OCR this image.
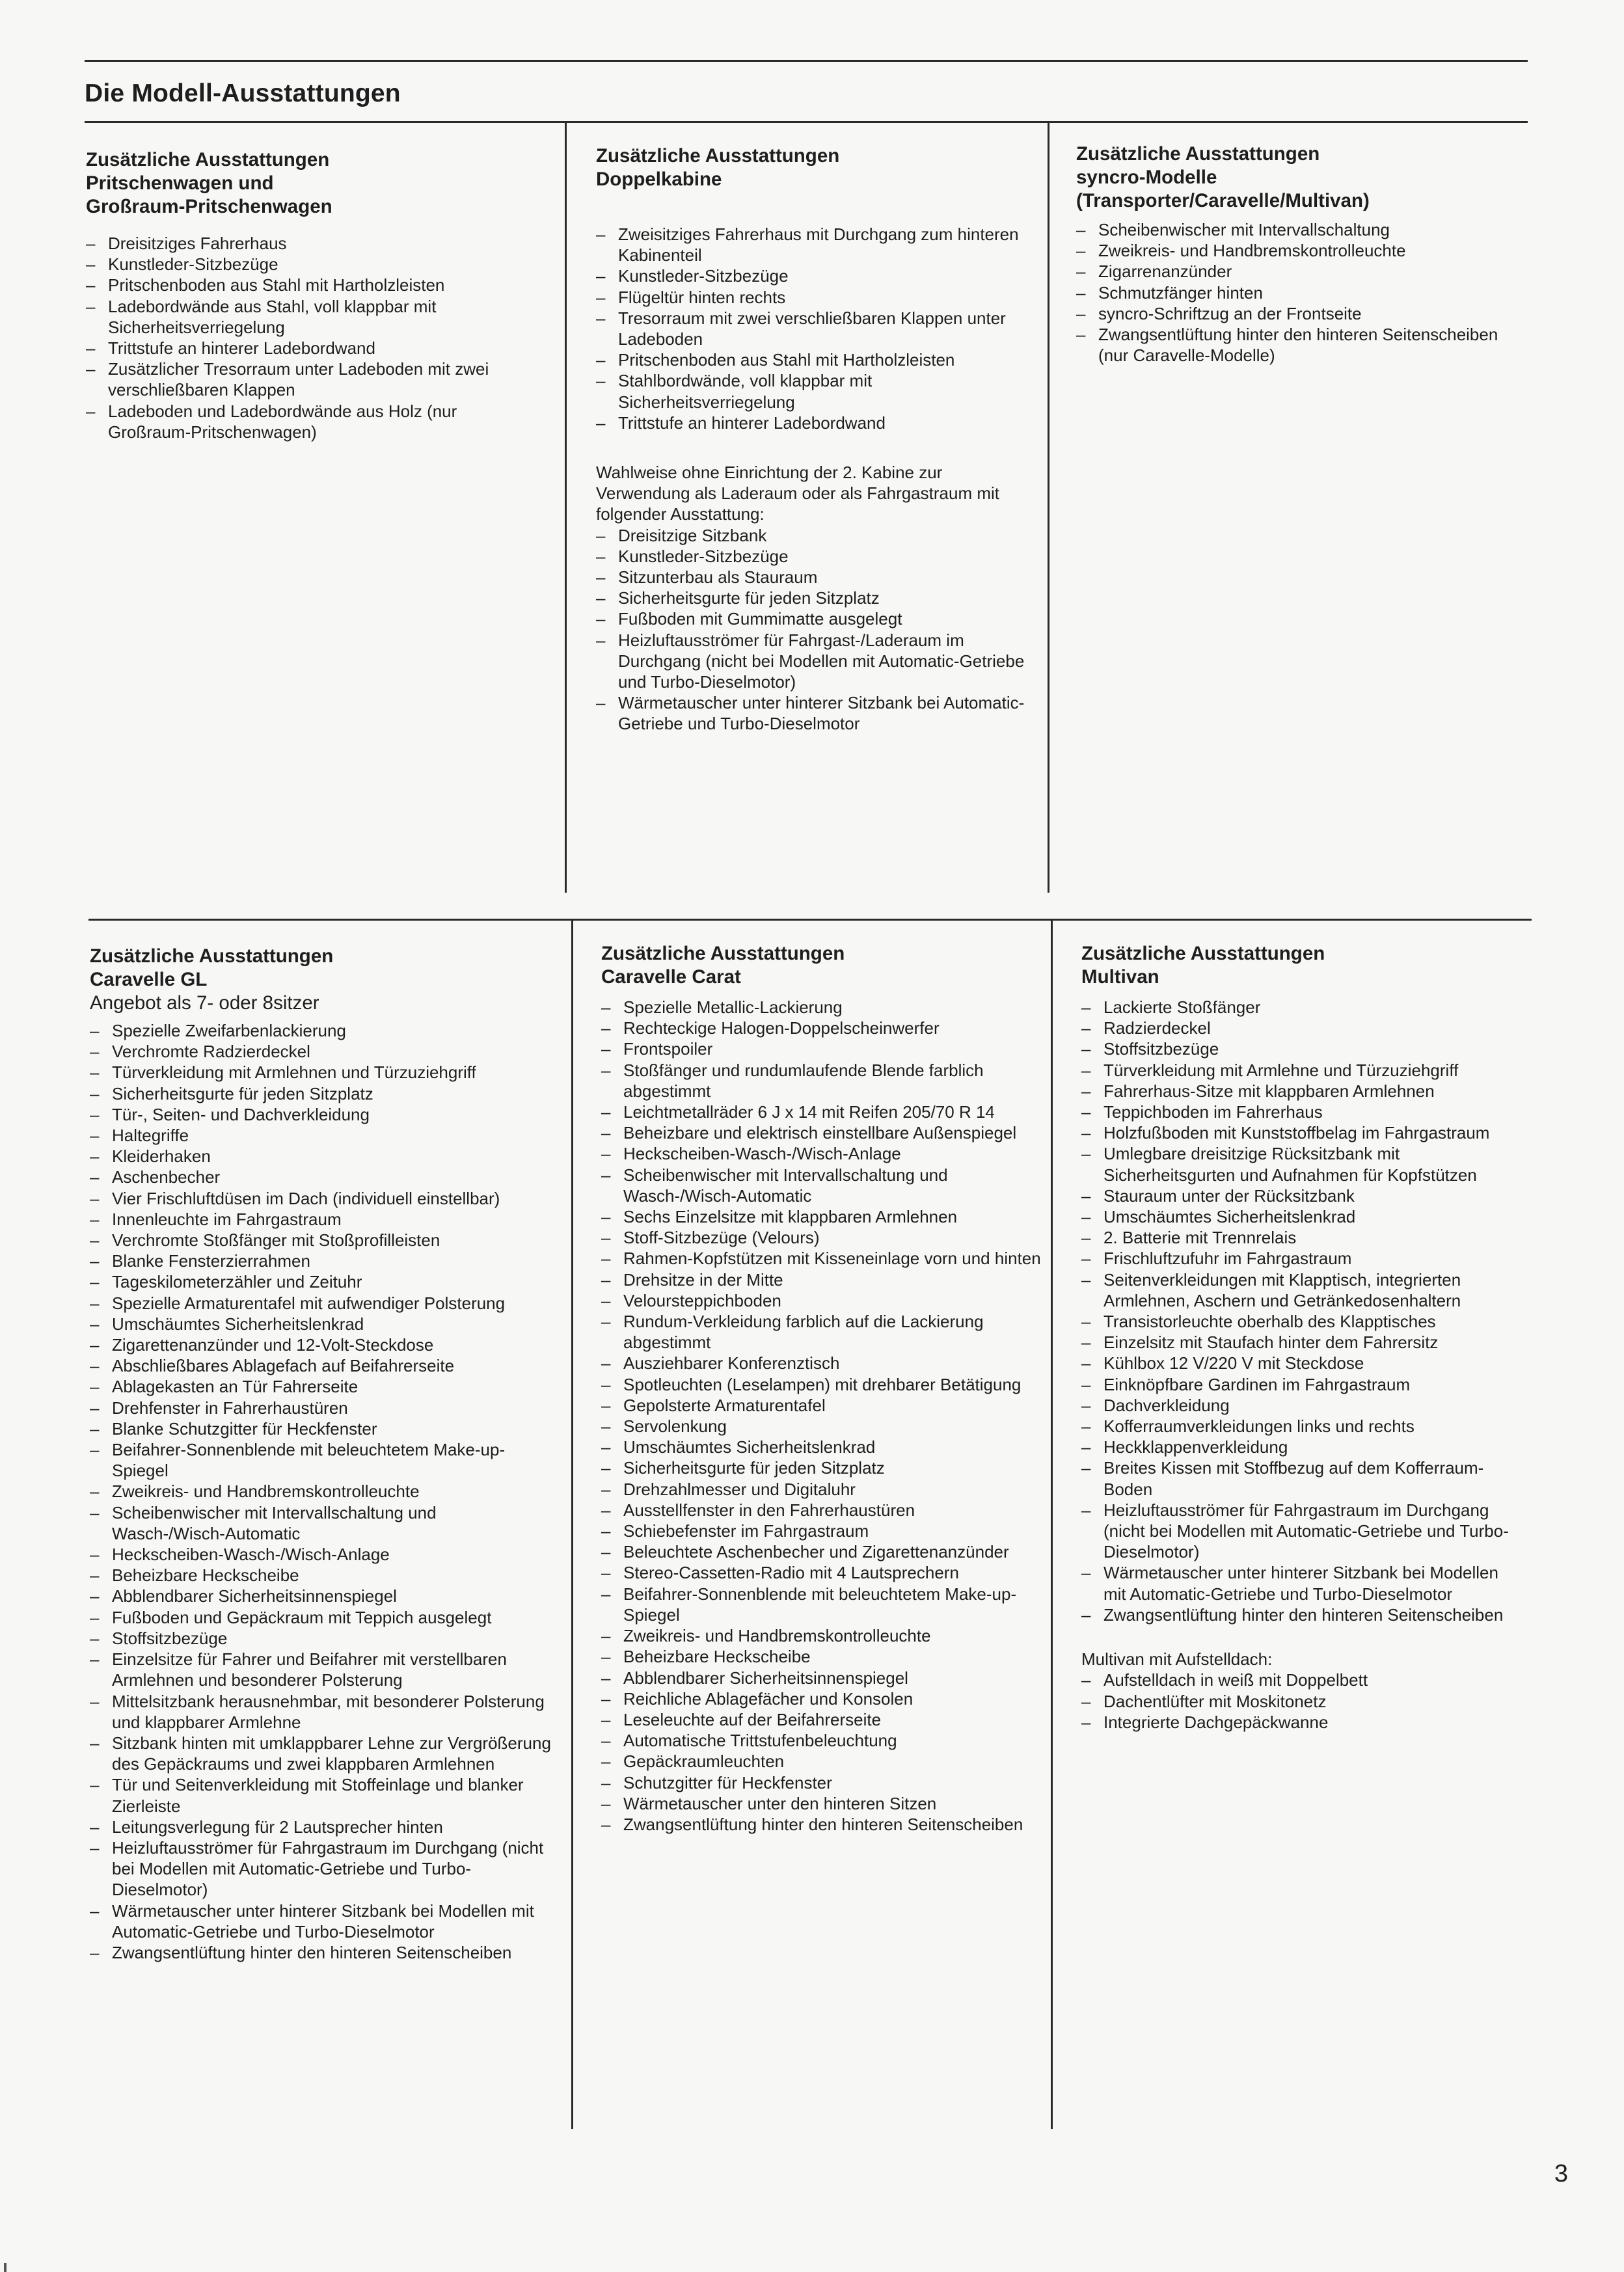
Die Modell-Ausstattungen
Zusätzliche Ausstattungen
Pritschenwagen und
Großraum-Pritschenwagen
– Dreisitziges Fahrerhaus
– Kunstleder-Sitzbezüge
– Pritschenboden aus Stahl mit Hartholzleisten
– Ladebordwände aus Stahl, voll klappbar mit Sicherheitsverriegelung
– Trittstufe an hinterer Ladebordwand
– Zusätzlicher Tresorraum unter Ladeboden mit zwei verschließbaren Klappen
– Ladeboden und Ladebordwände aus Holz (nur Großraum-Pritschenwagen)
Zusätzliche Ausstattungen
Doppelkabine
– Zweisitziges Fahrerhaus mit Durchgang zum hinteren Kabinenteil
– Kunstleder-Sitzbezüge
– Flügeltür hinten rechts
– Tresorraum mit zwei verschließbaren Klappen unter Ladeboden
– Pritschenboden aus Stahl mit Hartholzleisten
– Stahlbordwände, voll klappbar mit Sicherheitsverriegelung
– Trittstufe an hinterer Ladebordwand

Wahlweise ohne Einrichtung der 2. Kabine zur Verwendung als Laderaum oder als Fahrgastraum mit folgender Ausstattung:

– Dreisitzige Sitzbank
– Kunstleder-Sitzbezüge
– Sitzunterbau als Stauraum
– Sicherheitsgurte für jeden Sitzplatz
– Fußboden mit Gummimatte ausgelegt
– Heizluftausströmer für Fahrgast-/Laderaum im Durchgang (nicht bei Modellen mit Automatic-Getriebe und Turbo-Dieselmotor)
– Wärmetauscher unter hinterer Sitzbank bei Automatic-Getriebe und Turbo-Dieselmotor
Zusätzliche Ausstattungen
syncro-Modelle
(Transporter/Caravelle/Multivan)
– Scheibenwischer mit Intervallschaltung
– Zweikreis- und Handbremskontrolleuchte
– Zigarrenanzünder
– Schmutzfänger hinten
– syncro-Schriftzug an der Frontseite
– Zwangsentlüftung hinter den hinteren Seitenscheiben (nur Caravelle-Modelle)
Zusätzliche Ausstattungen
Caravelle GL

Angebot als 7- oder 8sitzer

– Spezielle Zweifarbenlackierung
– Verchromte Radzierdeckel
– Türverkleidung mit Armlehnen und Türzuziehgriff
– Sicherheitsgurte für jeden Sitzplatz
– Tür-, Seiten- und Dachverkleidung
– Haltegriffe
– Kleiderhaken
– Aschenbecher
– Vier Frischluftdüsen im Dach (individuell einstellbar)
– Innenleuchte im Fahrgastraum
– Verchromte Stoßfänger mit Stoßprofilleisten
– Blanke Fensterzierrahmen
– Tageskilometerzähler und Zeituhr
– Spezielle Armaturentafel mit aufwendiger Polsterung
– Umschäumtes Sicherheitslenkrad
– Zigarettenanzünder und 12-Volt-Steckdose
– Abschließbares Ablagefach auf Beifahrerseite
– Ablagekasten an Tür Fahrerseite
– Drehfenster in Fahrerhaustüren
– Blanke Schutzgitter für Heckfenster
– Beifahrer-Sonnenblende mit beleuchtetem Make-up-Spiegel
– Zweikreis- und Handbremskontrolleuchte
– Scheibenwischer mit Intervallschaltung und Wasch-/Wisch-Automatic
– Heckscheiben-Wasch-/Wisch-Anlage
– Beheizbare Heckscheibe
– Abblendbarer Sicherheitsinnenspiegel
– Fußboden und Gepäckraum mit Teppich ausgelegt
– Stoffsitzbezüge
– Einzelsitze für Fahrer und Beifahrer mit verstellbaren Armlehnen und besonderer Polsterung
– Mittelsitzbank herausnehmbar, mit besonderer Polsterung und klappbarer Armlehne
– Sitzbank hinten mit umklappbarer Lehne zur Vergrößerung des Gepäckraums und zwei klappbaren Armlehnen
– Tür und Seitenverkleidung mit Stoffeinlage und blanker Zierleiste
– Leitungsverlegung für 2 Lautsprecher hinten
– Heizluftausströmer für Fahrgastraum im Durchgang (nicht bei Modellen mit Automatic-Getriebe und Turbo-Dieselmotor)
– Wärmetauscher unter hinterer Sitzbank bei Modellen mit Automatic-Getriebe und Turbo-Dieselmotor
– Zwangsentlüftung hinter den hinteren Seitenscheiben
Zusätzliche Ausstattungen
Caravelle Carat
– Spezielle Metallic-Lackierung
– Rechteckige Halogen-Doppelscheinwerfer
– Frontspoiler
– Stoßfänger und rundumlaufende Blende farblich abgestimmt
– Leichtmetallräder 6 J x 14 mit Reifen 205/70 R 14
– Beheizbare und elektrisch einstellbare Außenspiegel
– Heckscheiben-Wasch-/Wisch-Anlage
– Scheibenwischer mit Intervallschaltung und Wasch-/Wisch-Automatic
– Sechs Einzelsitze mit klappbaren Armlehnen
– Stoff-Sitzbezüge (Velours)
– Rahmen-Kopfstützen mit Kisseneinlage vorn und hinten
– Drehsitze in der Mitte
– Velourstеppichboden
– Rundum-Verkleidung farblich auf die Lackierung abgestimmt
– Ausziehbarer Konferenztisch
– Spotleuchten (Leselampen) mit drehbarer Betätigung
– Gepolsterte Armaturentafel
– Servolenkung
– Umschäumtes Sicherheitslenkrad
– Sicherheitsgurte für jeden Sitzplatz
– Drehzahlmesser und Digitaluhr
– Ausstellfenster in den Fahrerhaustüren
– Schiebefenster im Fahrgastraum
– Beleuchtete Aschenbecher und Zigarettenanzünder
– Stereo-Cassetten-Radio mit 4 Lautsprechern
– Beifahrer-Sonnenblende mit beleuchtetem Make-up-Spiegel
– Zweikreis- und Handbremskontrolleuchte
– Beheizbare Heckscheibe
– Abblendbarer Sicherheitsinnenspiegel
– Reichliche Ablagefächer und Konsolen
– Leseleuchte auf der Beifahrerseite
– Automatische Trittstufenbeleuchtung
– Gepäckraumleuchten
– Schutzgitter für Heckfenster
– Wärmetauscher unter den hinteren Sitzen
– Zwangsentlüftung hinter den hinteren Seitenscheiben
Zusätzliche Ausstattungen
Multivan
– Lackierte Stoßfänger
– Radzierdeckel
– Stoffsitzbezüge
– Türverkleidung mit Armlehne und Türzuziehgriff
– Fahrerhaus-Sitze mit klappbaren Armlehnen
– Teppichboden im Fahrerhaus
– Holzfußboden mit Kunststoffbelag im Fahrgastraum
– Umlegbare dreisitzige Rücksitzbank mit Sicherheitsgurten und Aufnahmen für Kopfstützen
– Stauraum unter der Rücksitzbank
– Umschäumtes Sicherheitslenkrad
– 2. Batterie mit Trennrelais
– Frischluftzufuhr im Fahrgastraum
– Seitenverkleidungen mit Klapptisch, integrierten Armlehnen, Aschern und Getränkedosenhaltern
– Transistorleuchte oberhalb des Klapptisches
– Einzelsitz mit Staufach hinter dem Fahrersitz
– Kühlbox 12 V/220 V mit Steckdose
– Einknöpfbare Gardinen im Fahrgastraum
– Dachverkleidung
– Kofferraumverkleidungen links und rechts
– Heckklappenverkleidung
– Breites Kissen mit Stoffbezug auf dem Kofferraum-Boden
– Heizluftausströmer für Fahrgastraum im Durchgang (nicht bei Modellen mit Automatic-Getriebe und Turbo-Dieselmotor)
– Wärmetauscher unter hinterer Sitzbank bei Modellen mit Automatic-Getriebe und Turbo-Dieselmotor
– Zwangsentlüftung hinter den hinteren Seitenscheiben

Multivan mit Aufstelldach:

– Aufstelldach in weiß mit Doppelbett
– Dachentlüfter mit Moskitonetz
– Integrierte Dachgepäckwanne
3
